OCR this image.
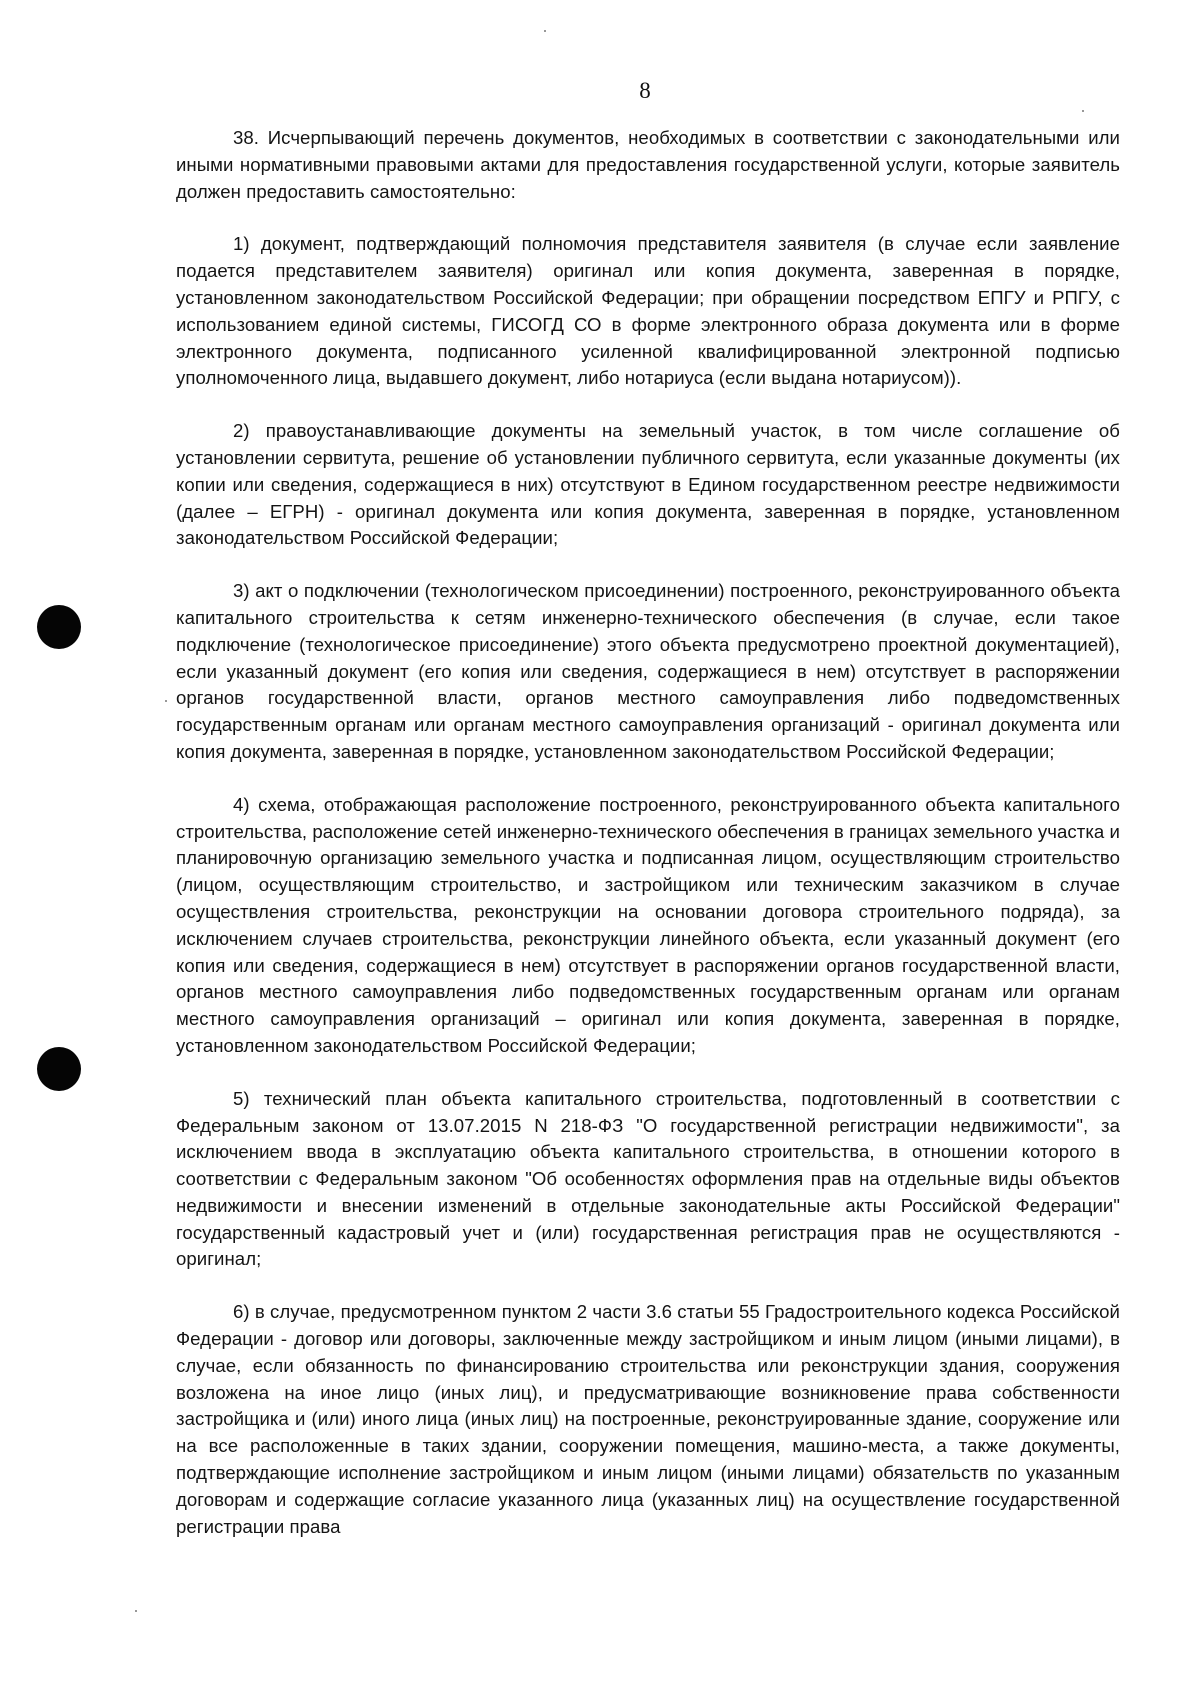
8

38. Исчерпывающий перечень документов, необходимых в соответствии с законодательными или иными нормативными правовыми актами для предоставления государственной услуги, которые заявитель должен предоставить самостоятельно:

1) документ, подтверждающий полномочия представителя заявителя (в случае если заявление подается представителем заявителя) оригинал или копия документа, заверенная в порядке, установленном законодательством Российской Федерации; при обращении посредством ЕПГУ и РПГУ, с использованием единой системы, ГИСОГД СО в форме электронного образа документа или в форме электронного документа, подписанного усиленной квалифицированной электронной подписью уполномоченного лица, выдавшего документ, либо нотариуса (если выдана нотариусом)).

2) правоустанавливающие документы на земельный участок, в том числе соглашение об установлении сервитута, решение об установлении публичного сервитута, если указанные документы (их копии или сведения, содержащиеся в них) отсутствуют в Едином государственном реестре недвижимости (далее – ЕГРН) - оригинал документа или копия документа, заверенная в порядке, установленном законодательством Российской Федерации;

3) акт о подключении (технологическом присоединении) построенного, реконструированного объекта капитального строительства к сетям инженерно-технического обеспечения (в случае, если такое подключение (технологическое присоединение) этого объекта предусмотрено проектной документацией), если указанный документ (его копия или сведения, содержащиеся в нем) отсутствует в распоряжении органов государственной власти, органов местного самоуправления либо подведомственных государственным органам или органам местного самоуправления организаций - оригинал документа или копия документа, заверенная в порядке, установленном законодательством Российской Федерации;

4) схема, отображающая расположение построенного, реконструированного объекта капитального строительства, расположение сетей инженерно-технического обеспечения в границах земельного участка и планировочную организацию земельного участка и подписанная лицом, осуществляющим строительство (лицом, осуществляющим строительство, и застройщиком или техническим заказчиком в случае осуществления строительства, реконструкции на основании договора строительного подряда), за исключением случаев строительства, реконструкции линейного объекта, если указанный документ (его копия или сведения, содержащиеся в нем) отсутствует в распоряжении органов государственной власти, органов местного самоуправления либо подведомственных государственным органам или органам местного самоуправления организаций – оригинал или копия документа, заверенная в порядке, установленном законодательством Российской Федерации;

5) технический план объекта капитального строительства, подготовленный в соответствии с Федеральным законом от 13.07.2015 N 218-ФЗ "О государственной регистрации недвижимости", за исключением ввода в эксплуатацию объекта капитального строительства, в отношении которого в соответствии с Федеральным законом "Об особенностях оформления прав на отдельные виды объектов недвижимости и внесении изменений в отдельные законодательные акты Российской Федерации" государственный кадастровый учет и (или) государственная регистрация прав не осуществляются - оригинал;

6) в случае, предусмотренном пунктом 2 части 3.6 статьи 55 Градостроительного кодекса Российской Федерации - договор или договоры, заключенные между застройщиком и иным лицом (иными лицами), в случае, если обязанность по финансированию строительства или реконструкции здания, сооружения возложена на иное лицо (иных лиц), и предусматривающие возникновение права собственности застройщика и (или) иного лица (иных лиц) на построенные, реконструированные здание, сооружение или на все расположенные в таких здании, сооружении помещения, машино-места, а также документы, подтверждающие исполнение застройщиком и иным лицом (иными лицами) обязательств по указанным договорам и содержащие согласие указанного лица (указанных лиц) на осуществление государственной регистрации права
